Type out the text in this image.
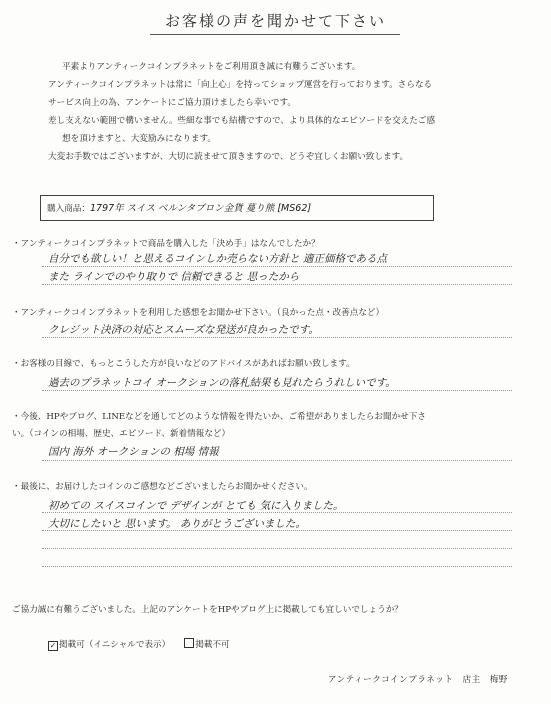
お客様の声を聞かせて下さい

平素よりアンティークコインプラネットをご利用頂き誠に有難うございます。

アンティークコインプラネットは常に「向上心」を持ってショップ運営を行っております。さらなる

サービス向上の為、アンケートにご協力頂けましたら幸いです。

差し支えない範囲で構いません。些細な事でも結構ですので、より具体的なエピソードを交えたご感

想を頂けますと、大変励みになります。

大変お手数ではございますが、大切に読ませて頂きますので、どうぞ宜しくお願い致します。

購入商品：1797年 スイス ベルンタブロン金貨 蔓り熊 [MS62]
・アンティークコインプラネットで商品を購入した「決め手」はなんでしたか？
自分でも欲しい！と思えるコインしか売らない方針と 適正価格である点
また ラインでのやり取りで 信頼できると 思ったから
・アンティークコインプラネットを利用した感想をお聞かせ下さい。（良かった点・改善点など）
クレジット決済の対応とスムーズな発送が良かったです。
・お客様の目線で、もっとこうした方が良いなどのアドバイスがあればお願い致します。
過去のプラネットコイ オークションの落札結果も見れたらうれしいです。
・今後、HPやブログ、LINEなどを通してどのような情報を得たいか、ご希望がありましたらお聞かせ下さ
い。（コインの相場、歴史、エピソード、新着情報など）
国内 海外 オークションの 相場 情報
・最後に、お届けしたコインのご感想などございましたらお聞かせください。
初めての スイスコインで デザインが とても 気に入りました。
大切にしたいと 思います。 ありがとうございました。
ご協力誠に有難うございました。上記のアンケートをHPやブログ上に掲載しても宜しいでしょうか？
✓ 掲載可（イニシャルで表示）	掲載不可
アンティークコインプラネット　店主　梅野
